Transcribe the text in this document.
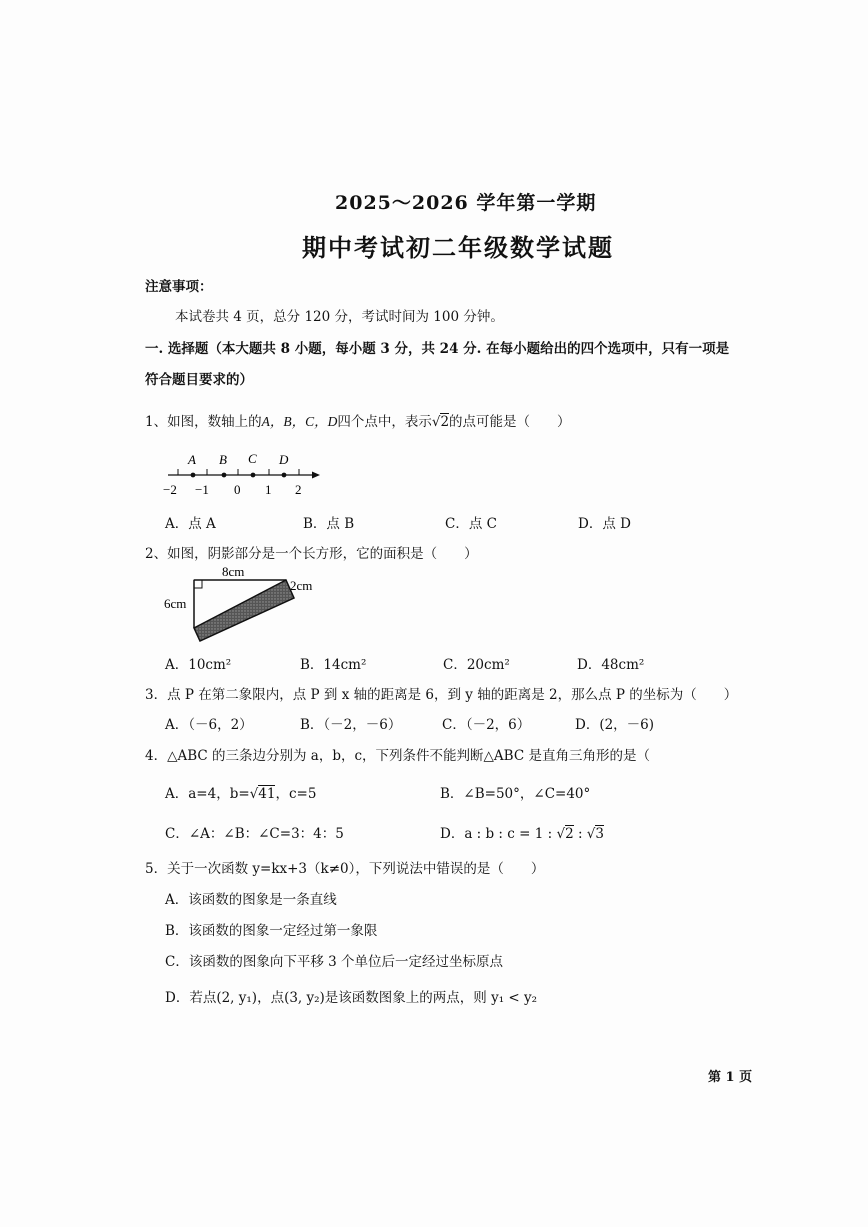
2025～2026 学年第一学期
期中考试初二年级数学试题
注意事项：
本试卷共 4 页，总分 120 分，考试时间为 100 分钟。
一. 选择题（本大题共 8 小题，每小题 3 分，共 24 分. 在每小题给出的四个选项中，只有一项是
符合题目要求的）
1、如图，数轴上的A，B，C，D四个点中，表示√2的点可能是（　　）
A B C D
−2 −1 0 1 2
A．点 A	B．点 B	C．点 C	D．点 D
2、如图，阴影部分是一个长方形，它的面积是（　　）
8cm
6cm
2cm
A．10cm²	B．14cm²	C．20cm²	D．48cm²
3．点 P 在第二象限内，点 P 到 x 轴的距离是 6，到 y 轴的距离是 2，那么点 P 的坐标为（　　）
A．（－6，2）	B．（－2，－6）	C．（－2，6）	D．(2，－6)
4．△ABC 的三条边分别为 a，b，c，下列条件不能判断△ABC 是直角三角形的是（
A．a=4，b=√41，c=5	B．∠B=50°，∠C=40°
C．∠A：∠B：∠C=3：4：5	D．a : b : c = 1 : √2 : √3
5．关于一次函数 y=kx+3（k≠0），下列说法中错误的是（　　）
A．该函数的图象是一条直线
B．该函数的图象一定经过第一象限
C．该函数的图象向下平移 3 个单位后一定经过坐标原点
D．若点(2, y₁)，点(3, y₂)是该函数图象上的两点，则 y₁ < y₂
第 1 页
